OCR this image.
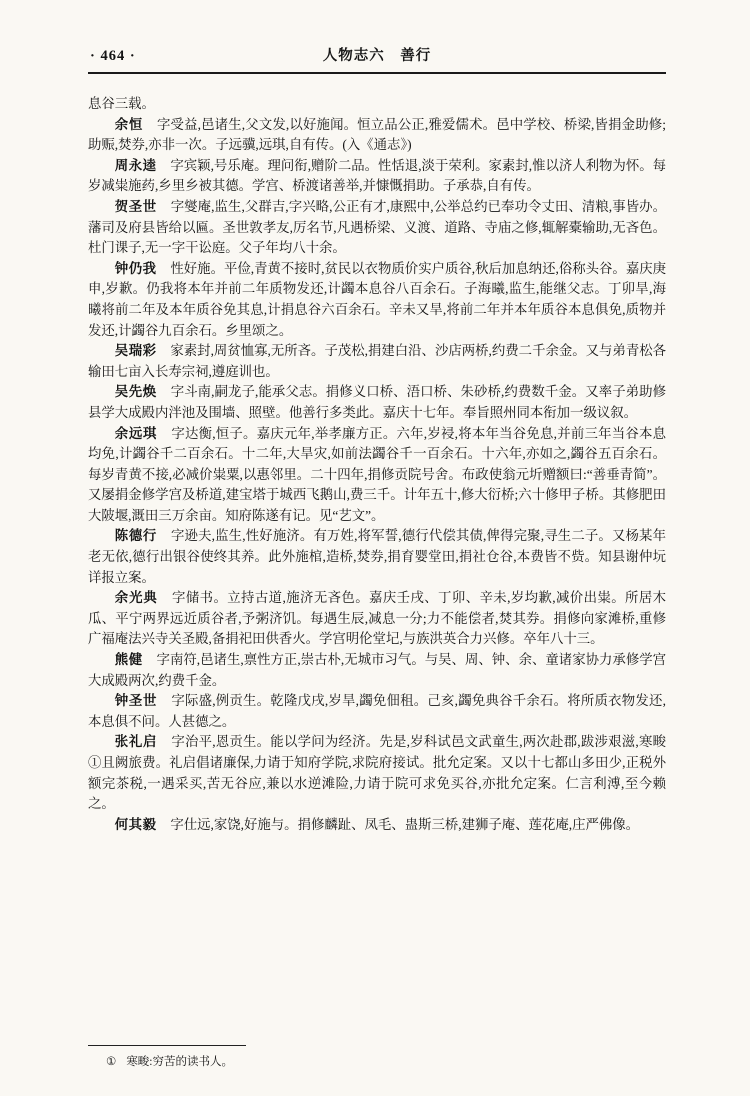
· 464 ·	人物志六　善行

息谷三载。

余恒 字受益,邑诸生,父文发,以好施闻。恒立品公正,雅爱儒术。邑中学校、桥梁,皆捐金助修;助赈,焚券,亦非一次。子远骥,远琪,自有传。(入《通志》)

周永逵 字宾颖,号乐庵。理问衔,赠阶二品。性恬退,淡于荣利。家素封,惟以济人利物为怀。每岁减粜施药,乡里乡被其德。学宫、桥渡诸善举,并慷慨捐助。子承恭,自有传。

贺圣世 字燮庵,监生,父群吉,字兴略,公正有才,康熙中,公举总约已奉功令丈田、清粮,事皆办。藩司及府县皆给以匾。圣世敦孝友,厉名节,凡遇桥梁、义渡、道路、寺庙之修,辄解橐输助,无吝色。杜门课子,无一字干讼庭。父子年均八十余。

钟仍我 性好施。平俭,青黄不接时,贫民以衣物质价实户质谷,秋后加息纳还,俗称头谷。嘉庆庚申,岁歉。仍我将本年并前二年质物发还,计蠲本息谷八百余石。子海曦,监生,能继父志。丁卯旱,海曦将前二年及本年质谷免其息,计捐息谷六百余石。辛未又旱,将前二年并本年质谷本息俱免,质物并发还,计蠲谷九百余石。乡里颂之。

吴瑞彩 家素封,周贫恤寡,无所吝。子茂松,捐建白沿、沙店两桥,约费二千余金。又与弟青松各输田七亩入长寿宗祠,遵庭训也。

吴先焕 字斗南,嗣龙子,能承父志。捐修义口桥、浯口桥、朱砂桥,约费数千金。又率子弟助修县学大成殿内泮池及围墙、照壁。他善行多类此。嘉庆十七年。奉旨照州同本衔加一级议叙。

余远琪 字达衡,恒子。嘉庆元年,举孝廉方正。六年,岁祲,将本年当谷免息,并前三年当谷本息均免,计蠲谷千二百余石。十二年,大旱灾,如前法蠲谷千一百余石。十六年,亦如之,蠲谷五百余石。每岁青黄不接,必减价粜粟,以惠邻里。二十四年,捐修贡院号舍。布政使翁元圻赠额曰:“善垂青简”。又屡捐金修学宫及桥道,建宝塔于城西飞鹅山,费三千。计年五十,修大衍桥;六十修甲子桥。其修肥田大陂堰,溉田三万余亩。知府陈遂有记。见“艺文”。

陈德行 字逊夫,监生,性好施济。有万姓,将军誓,德行代偿其债,俾得完聚,寻生二子。又杨某年老无依,德行出银谷使终其养。此外施棺,造桥,焚券,捐育婴堂田,捐社仓谷,本费皆不赀。知县谢仲坃详报立案。

余光典 字储书。立持古道,施济无吝色。嘉庆壬戌、丁卯、辛未,岁均歉,减价出粜。所居木瓜、平宁两界远近质谷者,予粥济饥。每遇生辰,减息一分;力不能偿者,焚其券。捐修向家滩桥,重修广福庵法兴寺关圣殿,备捐祀田供香火。学宫明伦堂圮,与族洪英合力兴修。卒年八十三。

熊健 字南符,邑诸生,禀性方正,崇古朴,无城市习气。与吴、周、钟、余、童诸家协力承修学宫大成殿两次,约费千金。

钟圣世 字际盛,例贡生。乾隆戊戌,岁旱,蠲免佃租。己亥,蠲免典谷千余石。将所质衣物发还,本息俱不问。人甚德之。

张礼启 字治平,恩贡生。能以学问为经济。先是,岁科试邑文武童生,两次赴郡,跋涉艰滋,寒畯①且阙旅费。礼启倡诸廉保,力请于知府学院,求院府接试。批允定案。又以十七都山多田少,正税外额完茶税,一遇采买,苦无谷应,兼以水逆滩险,力请于院可求免买谷,亦批允定案。仁言利溥,至今赖之。

何其毅 字仕远,家饶,好施与。捐修麟趾、凤毛、蛊斯三桥,建狮子庵、莲花庵,庄严佛像。

① 寒畯:穷苦的读书人。
